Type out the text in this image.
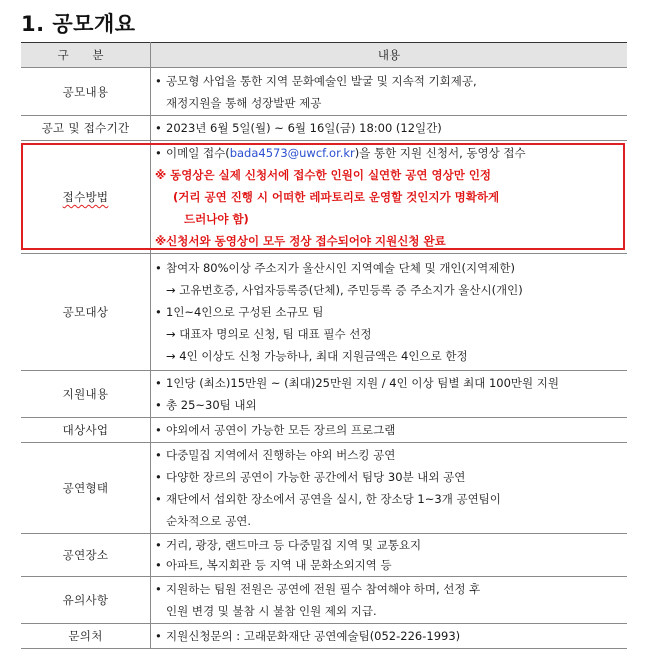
1. 공모개요
구 분	내용
공모내용	• 공모형 사업을 통한 지역 문화예술인 발굴 및 지속적 기회제공,
재정지원을 통해 성장발판 제공

공고 및 접수기간	• 2023년 6월 5일(월) ~ 6월 16일(금) 18:00 (12일간)

접수방법	• 이메일 접수(bada4573@uwcf.or.kr)을 통한 지원 신청서, 동영상 접수
※ 동영상은 실제 신청서에 접수한 인원이 실연한 공연 영상만 인정
(거리 공연 진행 시 어떠한 레파토리로 운영할 것인지가 명확하게
드러나야 함)
※신청서와 동영상이 모두 정상 접수되어야 지원신청 완료

공모대상	• 참여자 80%이상 주소지가 울산시인 지역예술 단체 및 개인(지역제한)
→ 고유번호증, 사업자등록증(단체), 주민등록 증 주소지가 울산시(개인)
• 1인~4인으로 구성된 소규모 팀
→ 대표자 명의로 신청, 팀 대표 필수 선정
→ 4인 이상도 신청 가능하나, 최대 지원금액은 4인으로 한정

지원내용	• 1인당 (최소)15만원 ~ (최대)25만원 지원 / 4인 이상 팀별 최대 100만원 지원
• 총 25~30팀 내외

대상사업	• 야외에서 공연이 가능한 모든 장르의 프로그램

공연형태	• 다중밀집 지역에서 진행하는 야외 버스킹 공연
• 다양한 장르의 공연이 가능한 공간에서 팀당 30분 내외 공연
• 재단에서 섭외한 장소에서 공연을 실시, 한 장소당 1~3개 공연팀이
순차적으로 공연.

공연장소	• 거리, 광장, 랜드마크 등 다중밀집 지역 및 교통요지
• 아파트, 복지회관 등 지역 내 문화소외지역 등

유의사항	• 지원하는 팀원 전원은 공연에 전원 필수 참여해야 하며, 선정 후
인원 변경 및 불참 시 불참 인원 제외 지급.

문의처	• 지원신청문의 : 고래문화재단 공연예술팀(052-226-1993)
